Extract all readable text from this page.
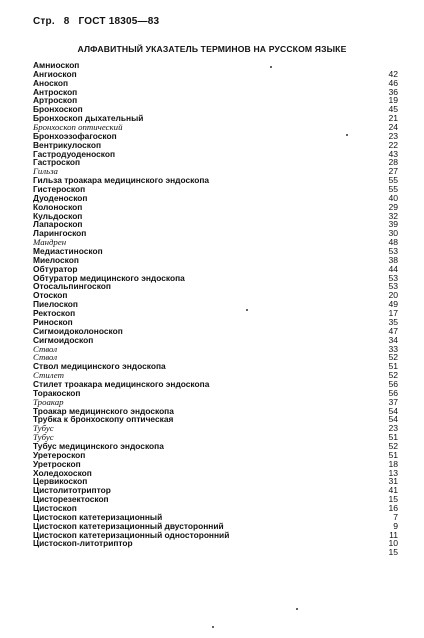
Стр. 8 ГОСТ 18305—83
АЛФАВИТНЫЙ УКАЗАТЕЛЬ ТЕРМИНОВ НА РУССКОМ ЯЗЫКЕ
Амниоскоп
Ангиоскоп	42
Аноскоп	46
Антроскоп	36
Артроскоп	19
Бронхоскоп	45
Бронхоскоп дыхательный	21
Бронхоскоп оптический	24
Бронхоэзофагоскоп	23
Вентрикулоскоп	22
Гастродуоденоскоп	43
Гастроскоп	28
Гильза	27
Гильза троакара медицинского эндоскопа	55
Гистероскоп	55
Дуоденоскоп	40
Колоноскоп	29
Кульдоскоп	32
Лапароскоп	39
Ларингоскоп	30
Мандрен	48
Медиастиноскоп	53
Миелоскоп	38
Обтуратор	44
Обтуратор медицинского эндоскопа	53
Отосальпингоскоп	53
Отоскоп	20
Пиелоскоп	49
Ректоскоп	17
Риноскоп	35
Сигмоидоколоноскоп	47
Сигмоидоскоп	34
Ствол	33
Ствол	52
Ствол медицинского эндоскопа	51
Стилет	52
Стилет троакара медицинского эндоскопа	56
Торакоскоп	56
Троакар	37
Троакар медицинского эндоскопа	54
Трубка к бронхоскопу оптическая	54
Тубус	23
Тубус	51
Тубус медицинского эндоскопа	52
Уретероскоп	51
Уретроскоп	18
Холедохоскоп	13
Цервикоскоп	31
Цистолитотриптор	41
Цисторезектоскоп	15
Цистоскоп	16
Цистоскоп катетеризационный	7
Цистоскоп катетеризационный двусторонний	9
Цистоскоп катетеризационный односторонний	11
Цистоскоп-литотриптор	10
15
